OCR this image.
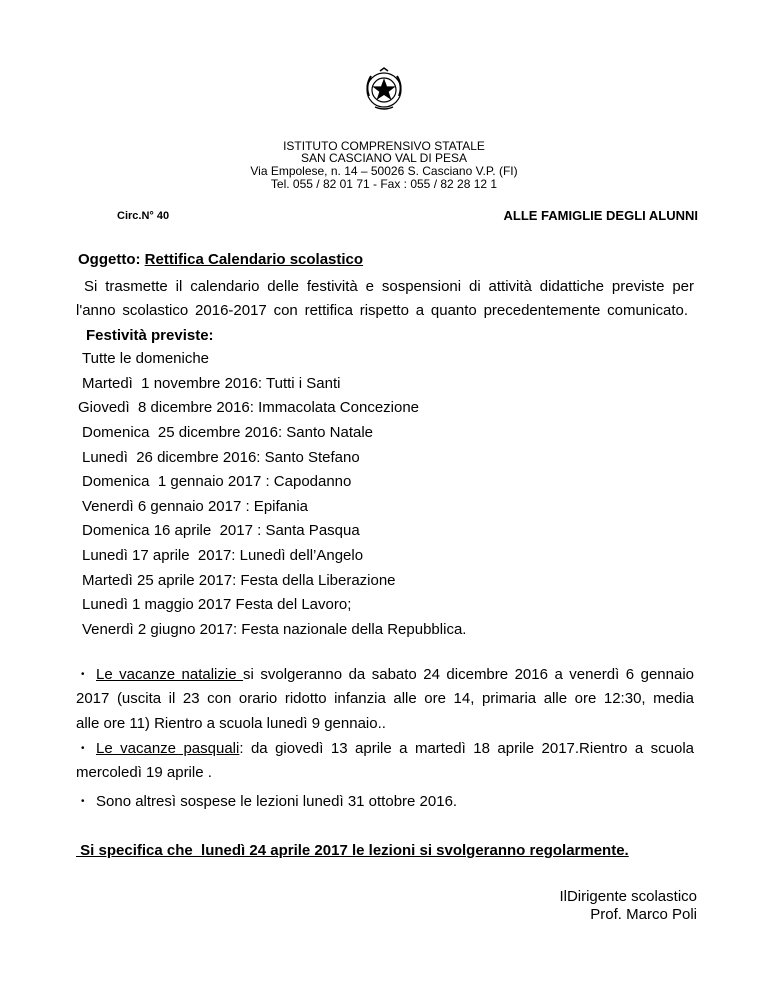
ISTITUTO COMPRENSIVO STATALE
SAN CASCIANO VAL DI PESA
Via Empolese, n. 14 – 50026 S. Casciano V.P. (FI)
Tel. 055 / 82 01 71 - Fax : 055 / 82 28 12 1
Circ.N° 40	ALLE FAMIGLIE DEGLI ALUNNI
Oggetto: Rettifica Calendario scolastico
Si trasmette il calendario delle festività e sospensioni di attività didattiche previste per
l'anno scolastico 2016-2017 con rettifica rispetto a quanto precedentemente comunicato.
Festività previste:
Tutte le domeniche
Martedì  1 novembre 2016: Tutti i Santi
Giovedì  8 dicembre 2016: Immacolata Concezione
Domenica  25 dicembre 2016: Santo Natale
Lunedì  26 dicembre 2016: Santo Stefano
Domenica  1 gennaio 2017 : Capodanno
Venerdì 6 gennaio 2017 : Epifania
Domenica 16 aprile  2017 : Santa Pasqua
Lunedì 17 aprile  2017: Lunedì dell’Angelo
Martedì 25 aprile 2017: Festa della Liberazione
Lunedì 1 maggio 2017 Festa del Lavoro;
Venerdì 2 giugno 2017: Festa nazionale della Repubblica.
• Le vacanze natalizie si svolgeranno da sabato 24 dicembre 2016 a venerdì 6 gennaio
2017 (uscita il 23 con orario ridotto infanzia alle ore 14, primaria alle ore 12:30, media
alle ore 11) Rientro a scuola lunedì 9 gennaio..
• Le vacanze pasquali: da giovedì 13 aprile a martedì 18 aprile 2017.Rientro a scuola
mercoledì 19 aprile .
• Sono altresì sospese le lezioni lunedì 31 ottobre 2016.
Si specifica che  lunedì 24 aprile 2017 le lezioni si svolgeranno regolarmente.
IlDirigente scolastico
Prof. Marco Poli
